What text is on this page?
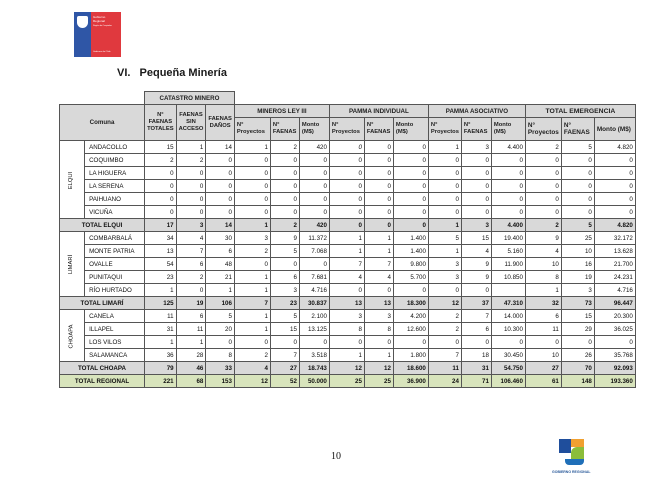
Gobierno
Regional
Región de Coquimbo
Gobierno de Chile
VI. Pequeña Minería
		CATASTRO MINERO														
Comuna		N° FAENAS TOTALES	FAENAS SIN ACCESO	FAENAS DAÑOS	MINEROS LEY III			PAMMA INDIVIDUAL			PAMMA ASOCIATIVO			TOTAL EMERGENCIA		
					N° Proyectos	N° FAENAS	Monto (M$)	N° Proyectos	N° FAENAS	Monto (M$)	N° Proyectos	N° FAENAS	Monto (M$)	N° Proyectos	N° FAENAS	Monto (M$)
ELQUI	ANDACOLLO	15	1	14	1	2	420	0	0	0	1	3	4.400	2	5	4.820
	COQUIMBO	2	2	0	0	0	0	0	0	0	0	0	0	0	0	0
	LA HIGUERA	0	0	0	0	0	0	0	0	0	0	0	0	0	0	0
	LA SERENA	0	0	0	0	0	0	0	0	0	0	0	0	0	0	0
	PAIHUANO	0	0	0	0	0	0	0	0	0	0	0	0	0	0	0
	VICUÑA	0	0	0	0	0	0	0	0	0	0	0	0	0	0	0
TOTAL ELQUI		17	3	14	1	2	420	0	0	0	1	3	4.400	2	5	4.820
LIMARÍ	COMBARBALÁ	34	4	30	3	9	11.372	1	1	1.400	5	15	19.400	9	25	32.172
	MONTE PATRIA	13	7	6	2	5	7.068	1	1	1.400	1	4	5.160	4	10	13.628
	OVALLE	54	6	48	0	0	0	7	7	9.800	3	9	11.900	10	16	21.700
	PUNITAQUI	23	2	21	1	6	7.681	4	4	5.700	3	9	10.850	8	19	24.231
	RÍO HURTADO	1	0	1	1	3	4.716	0	0	0	0	0		1	3	4.716
TOTAL LIMARÍ		125	19	106	7	23	30.837	13	13	18.300	12	37	47.310	32	73	96.447
CHOAPA	CANELA	11	6	5	1	5	2.100	3	3	4.200	2	7	14.000	6	15	20.300
	ILLAPEL	31	11	20	1	15	13.125	8	8	12.600	2	6	10.300	11	29	36.025
	LOS VILOS	1	1	0	0	0	0	0	0	0	0	0	0	0	0	0
	SALAMANCA	36	28	8	2	7	3.518	1	1	1.800	7	18	30.450	10	26	35.768
TOTAL CHOAPA		79	46	33	4	27	18.743	12	12	18.600	11	31	54.750	27	70	92.093
TOTAL REGIONAL		221	68	153	12	52	50.000	25	25	36.900	24	71	106.460	61	148	193.360
10
GOBIERNO REGIONAL
